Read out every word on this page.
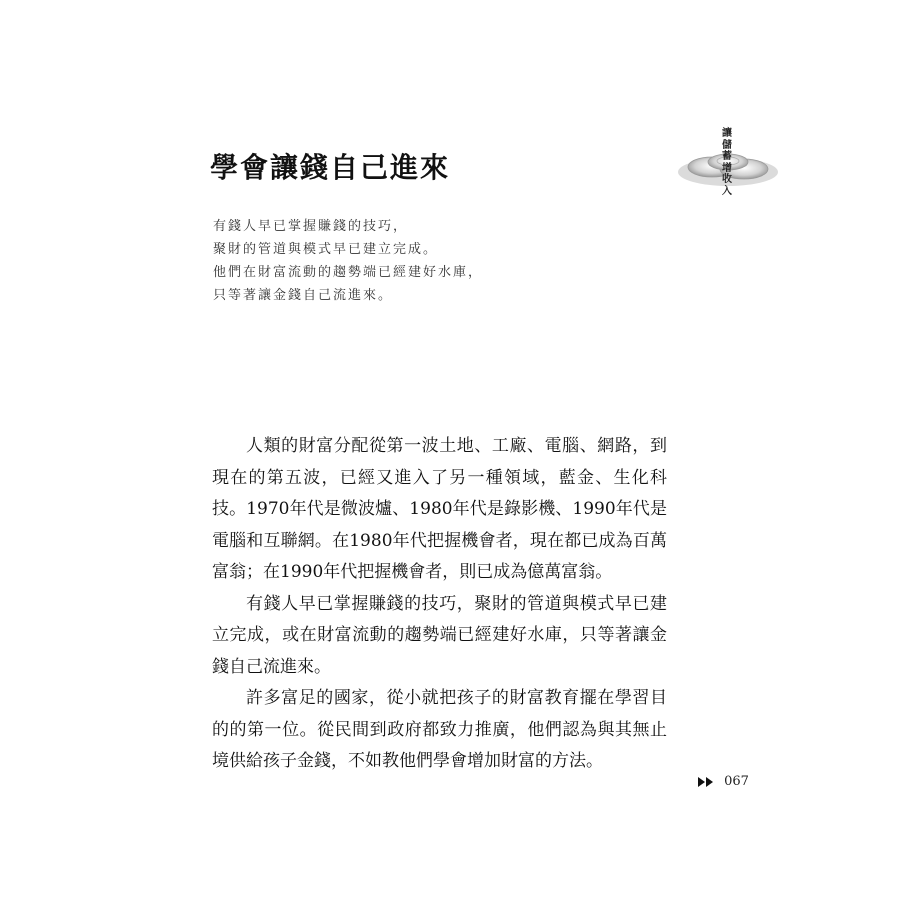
讓儲蓄增收入
學會讓錢自己進來
有錢人早已掌握賺錢的技巧，
聚財的管道與模式早已建立完成。
他們在財富流動的趨勢端已經建好水庫，
只等著讓金錢自己流進來。

人類的財富分配從第一波土地、工廠、電腦、網路，到現在的第五波，已經又進入了另一種領域，藍金、生化科技。1970年代是微波爐、1980年代是錄影機、1990年代是電腦和互聯網。在1980年代把握機會者，現在都已成為百萬富翁；在1990年代把握機會者，則已成為億萬富翁。

有錢人早已掌握賺錢的技巧，聚財的管道與模式早已建立完成，或在財富流動的趨勢端已經建好水庫，只等著讓金錢自己流進來。

許多富足的國家，從小就把孩子的財富教育擺在學習目的的第一位。從民間到政府都致力推廣，他們認為與其無止境供給孩子金錢，不如教他們學會增加財富的方法。

067
